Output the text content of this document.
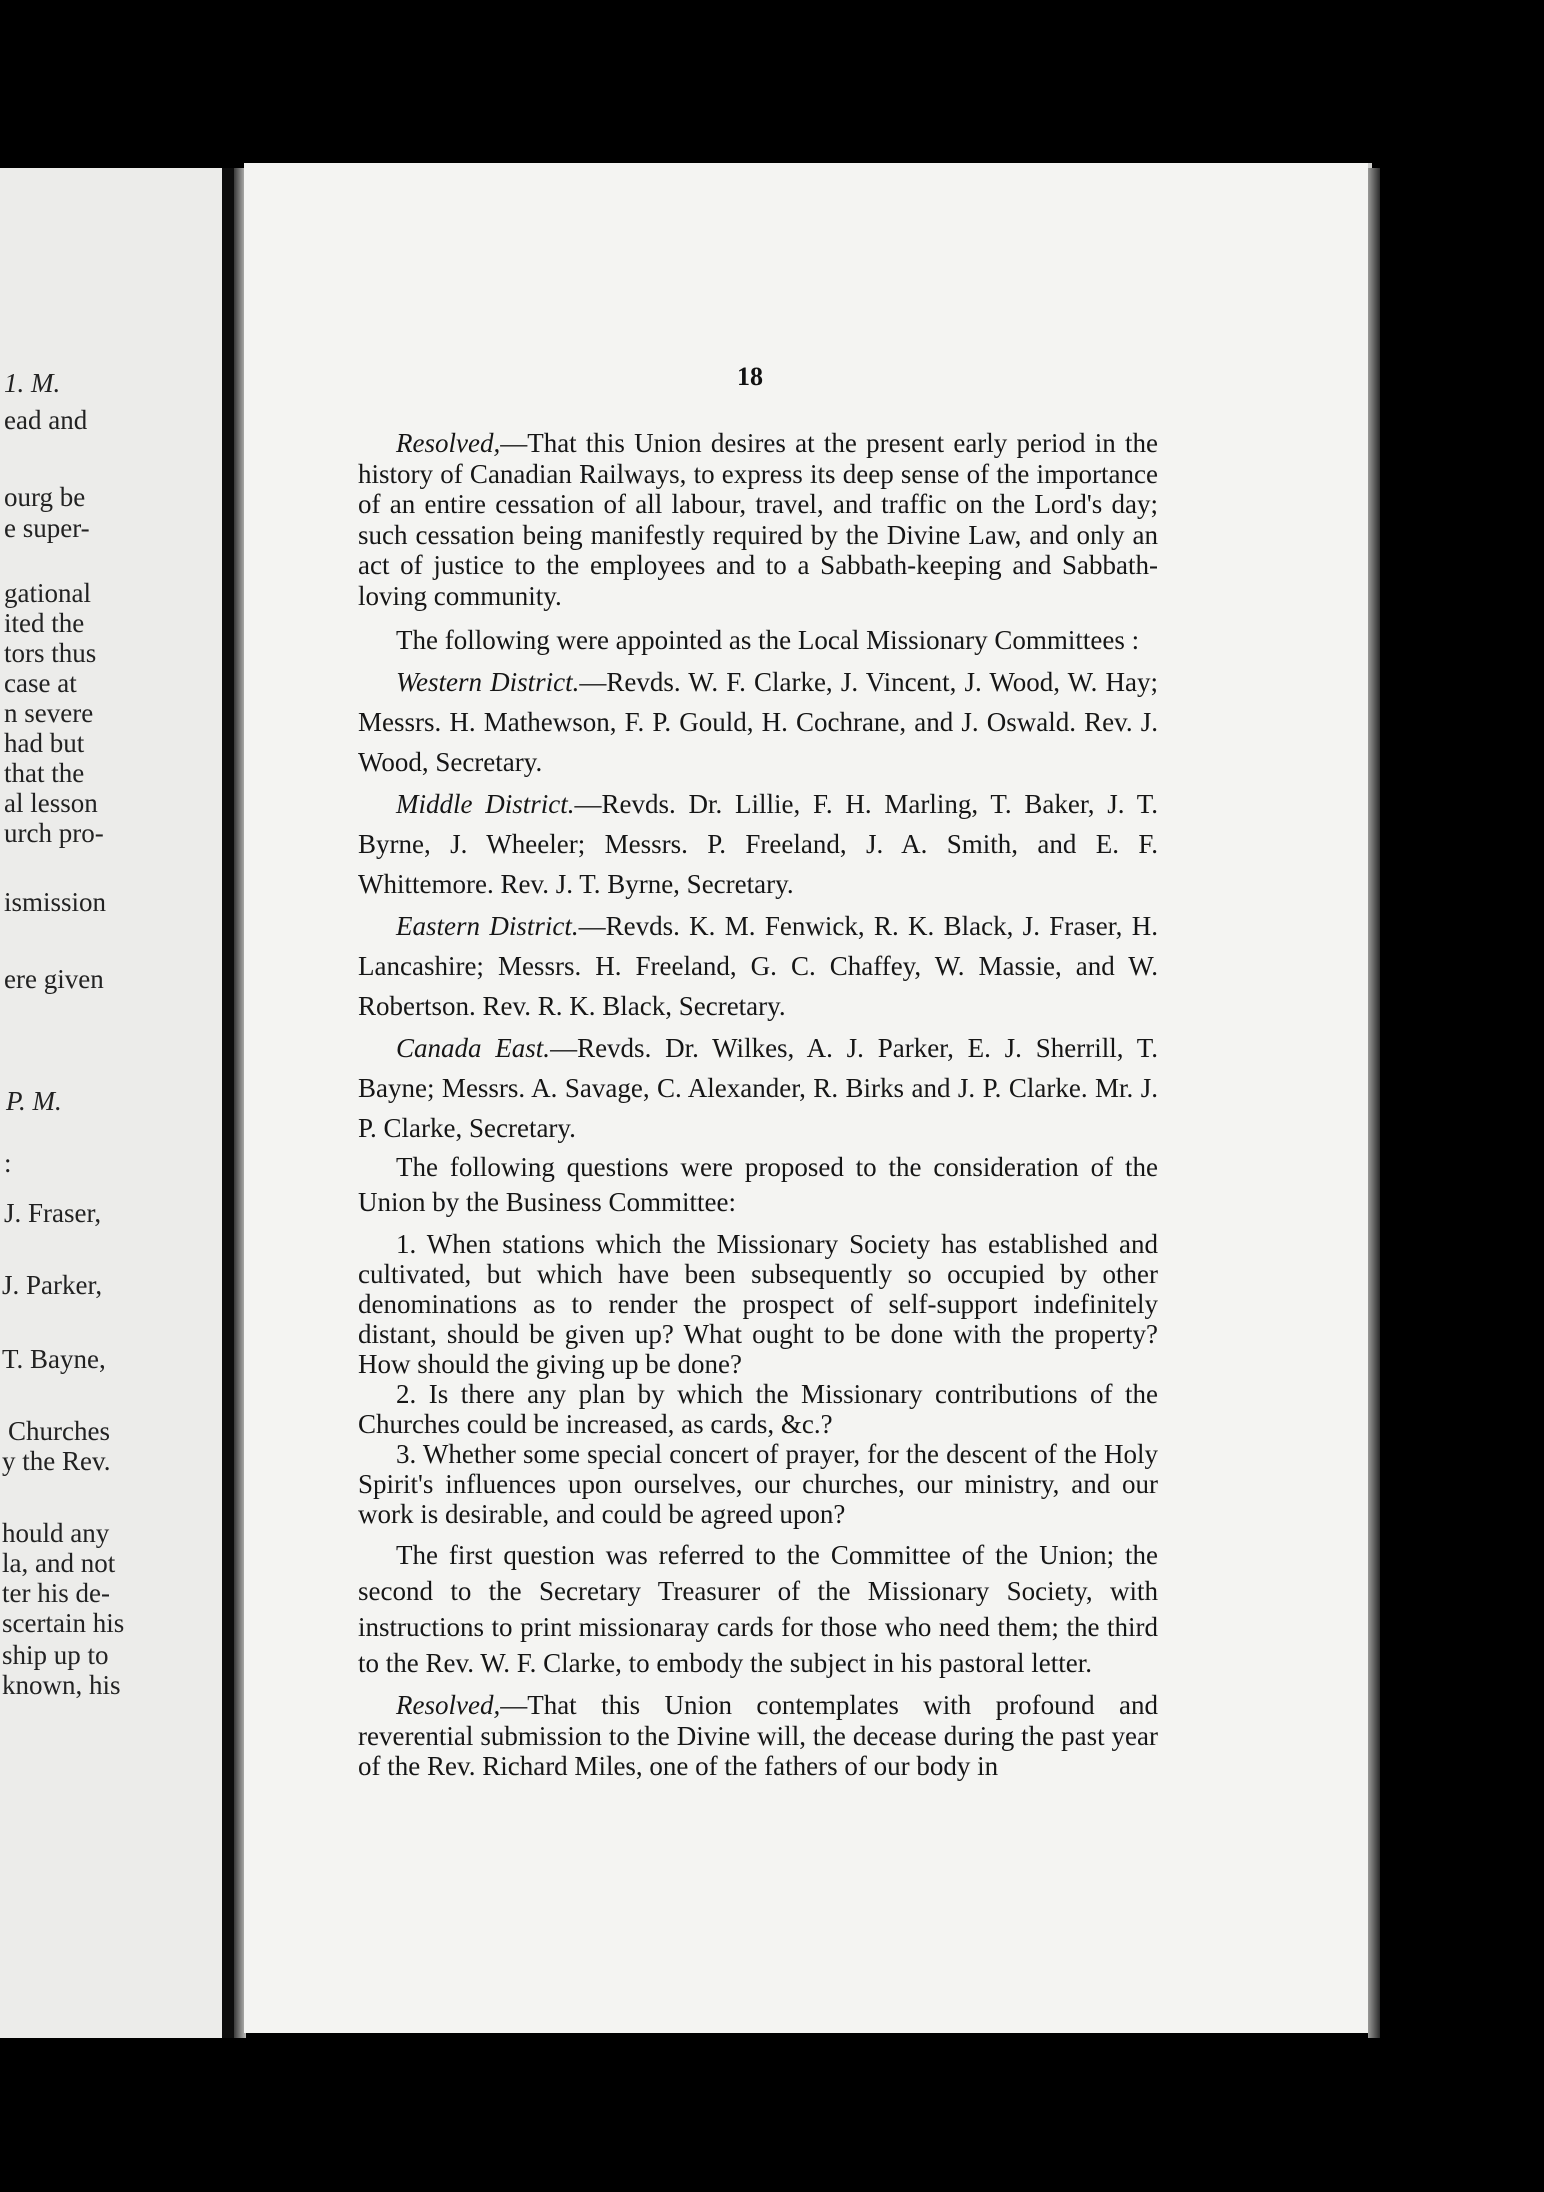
1. M.
ead and
ourg be
e super-
gational
ited the
tors thus
case at
n severe
had but
that the
al lesson
urch pro-
ismission
ere given
P. M.
:
J. Fraser,
J. Parker,
T. Bayne,
Churches
y the Rev.
hould any
la, and not
ter his de-
scertain his
ship up to
known, his
18

Resolved,—That this Union desires at the present early period in the history of Canadian Railways, to express its deep sense of the importance of an entire cessation of all labour, travel, and traffic on the Lord's day; such cessation being manifestly required by the Divine Law, and only an act of justice to the employees and to a Sabbath-keeping and Sabbath-loving community.

The following were appointed as the Local Missionary Committees :

Western District.—Revds. W. F. Clarke, J. Vincent, J. Wood, W. Hay; Messrs. H. Mathewson, F. P. Gould, H. Cochrane, and J. Oswald. Rev. J. Wood, Secretary.

Middle District.—Revds. Dr. Lillie, F. H. Marling, T. Baker, J. T. Byrne, J. Wheeler; Messrs. P. Freeland, J. A. Smith, and E. F. Whittemore. Rev. J. T. Byrne, Secretary.

Eastern District.—Revds. K. M. Fenwick, R. K. Black, J. Fraser, H. Lancashire; Messrs. H. Freeland, G. C. Chaffey, W. Massie, and W. Robertson. Rev. R. K. Black, Secretary.

Canada East.—Revds. Dr. Wilkes, A. J. Parker, E. J. Sherrill, T. Bayne; Messrs. A. Savage, C. Alexander, R. Birks and J. P. Clarke. Mr. J. P. Clarke, Secretary.

The following questions were proposed to the consideration of the Union by the Business Committee:

1. When stations which the Missionary Society has established and cultivated, but which have been subsequently so occupied by other denominations as to render the prospect of self-support indefinitely distant, should be given up? What ought to be done with the property? How should the giving up be done?

2. Is there any plan by which the Missionary contributions of the Churches could be increased, as cards, &c.?

3. Whether some special concert of prayer, for the descent of the Holy Spirit's influences upon ourselves, our churches, our ministry, and our work is desirable, and could be agreed upon?

The first question was referred to the Committee of the Union; the second to the Secretary Treasurer of the Missionary Society, with instructions to print missionaray cards for those who need them; the third to the Rev. W. F. Clarke, to embody the subject in his pastoral letter.

Resolved,—That this Union contemplates with profound and reverential submission to the Divine will, the decease during the past year of the Rev. Richard Miles, one of the fathers of our body in
